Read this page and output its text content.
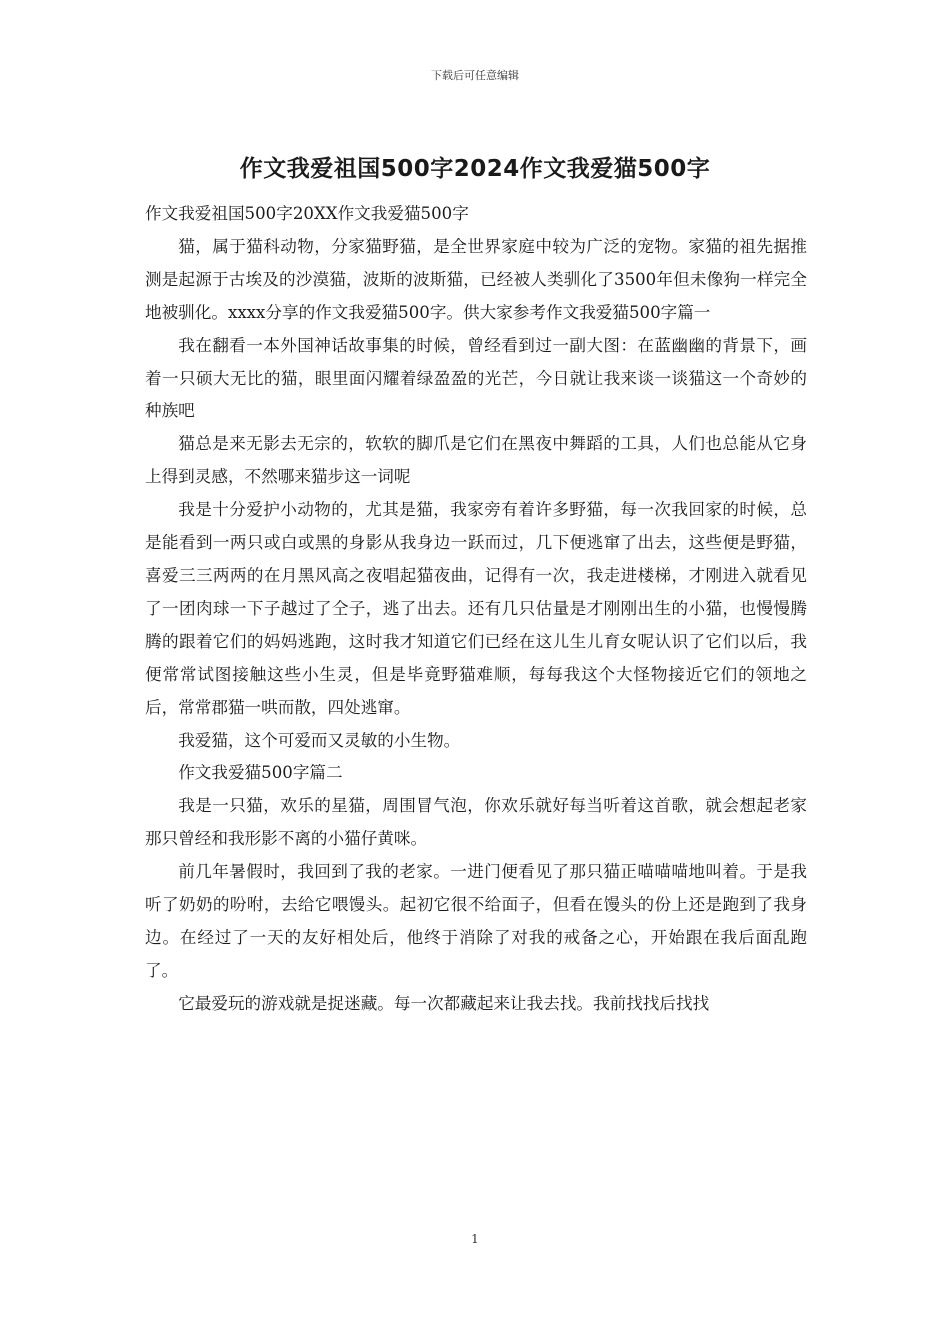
下载后可任意编辑
作文我爱祖国500字2024作文我爱猫500字

作文我爱祖国500字20XX作文我爱猫500字

猫，属于猫科动物，分家猫野猫，是全世界家庭中较为广泛的宠物。家猫的祖先据推测是起源于古埃及的沙漠猫，波斯的波斯猫，已经被人类驯化了3500年但未像狗一样完全地被驯化。xxxx分享的作文我爱猫500字。供大家参考作文我爱猫500字篇一

我在翻看一本外国神话故事集的时候，曾经看到过一副大图：在蓝幽幽的背景下，画着一只硕大无比的猫，眼里面闪耀着绿盈盈的光芒，今日就让我来谈一谈猫这一个奇妙的种族吧

猫总是来无影去无宗的，软软的脚爪是它们在黑夜中舞蹈的工具，人们也总能从它身上得到灵感，不然哪来猫步这一词呢

我是十分爱护小动物的，尤其是猫，我家旁有着许多野猫，每一次我回家的时候，总是能看到一两只或白或黑的身影从我身边一跃而过，几下便逃窜了出去，这些便是野猫，喜爱三三两两的在月黑风高之夜唱起猫夜曲，记得有一次，我走进楼梯，才刚进入就看见了一团肉球一下子越过了仝子，逃了出去。还有几只估量是才刚刚出生的小猫，也慢慢腾腾的跟着它们的妈妈逃跑，这时我才知道它们已经在这儿生儿育女呢认识了它们以后，我便常常试图接触这些小生灵，但是毕竟野猫难顺，每每我这个大怪物接近它们的领地之后，常常郡猫一哄而散，四处逃窜。

我爱猫，这个可爱而又灵敏的小生物。

作文我爱猫500字篇二

我是一只猫，欢乐的星猫，周围冒气泡，你欢乐就好每当听着这首歌，就会想起老家那只曾经和我形影不离的小猫仔黄咪。

前几年暑假时，我回到了我的老家。一进门便看见了那只猫正喵喵喵地叫着。于是我听了奶奶的吩咐，去给它喂馒头。起初它很不给面子，但看在馒头的份上还是跑到了我身边。在经过了一天的友好相处后，他终于消除了对我的戒备之心，开始跟在我后面乱跑了。

它最爱玩的游戏就是捉迷藏。每一次都藏起来让我去找。我前找找后找找

1
